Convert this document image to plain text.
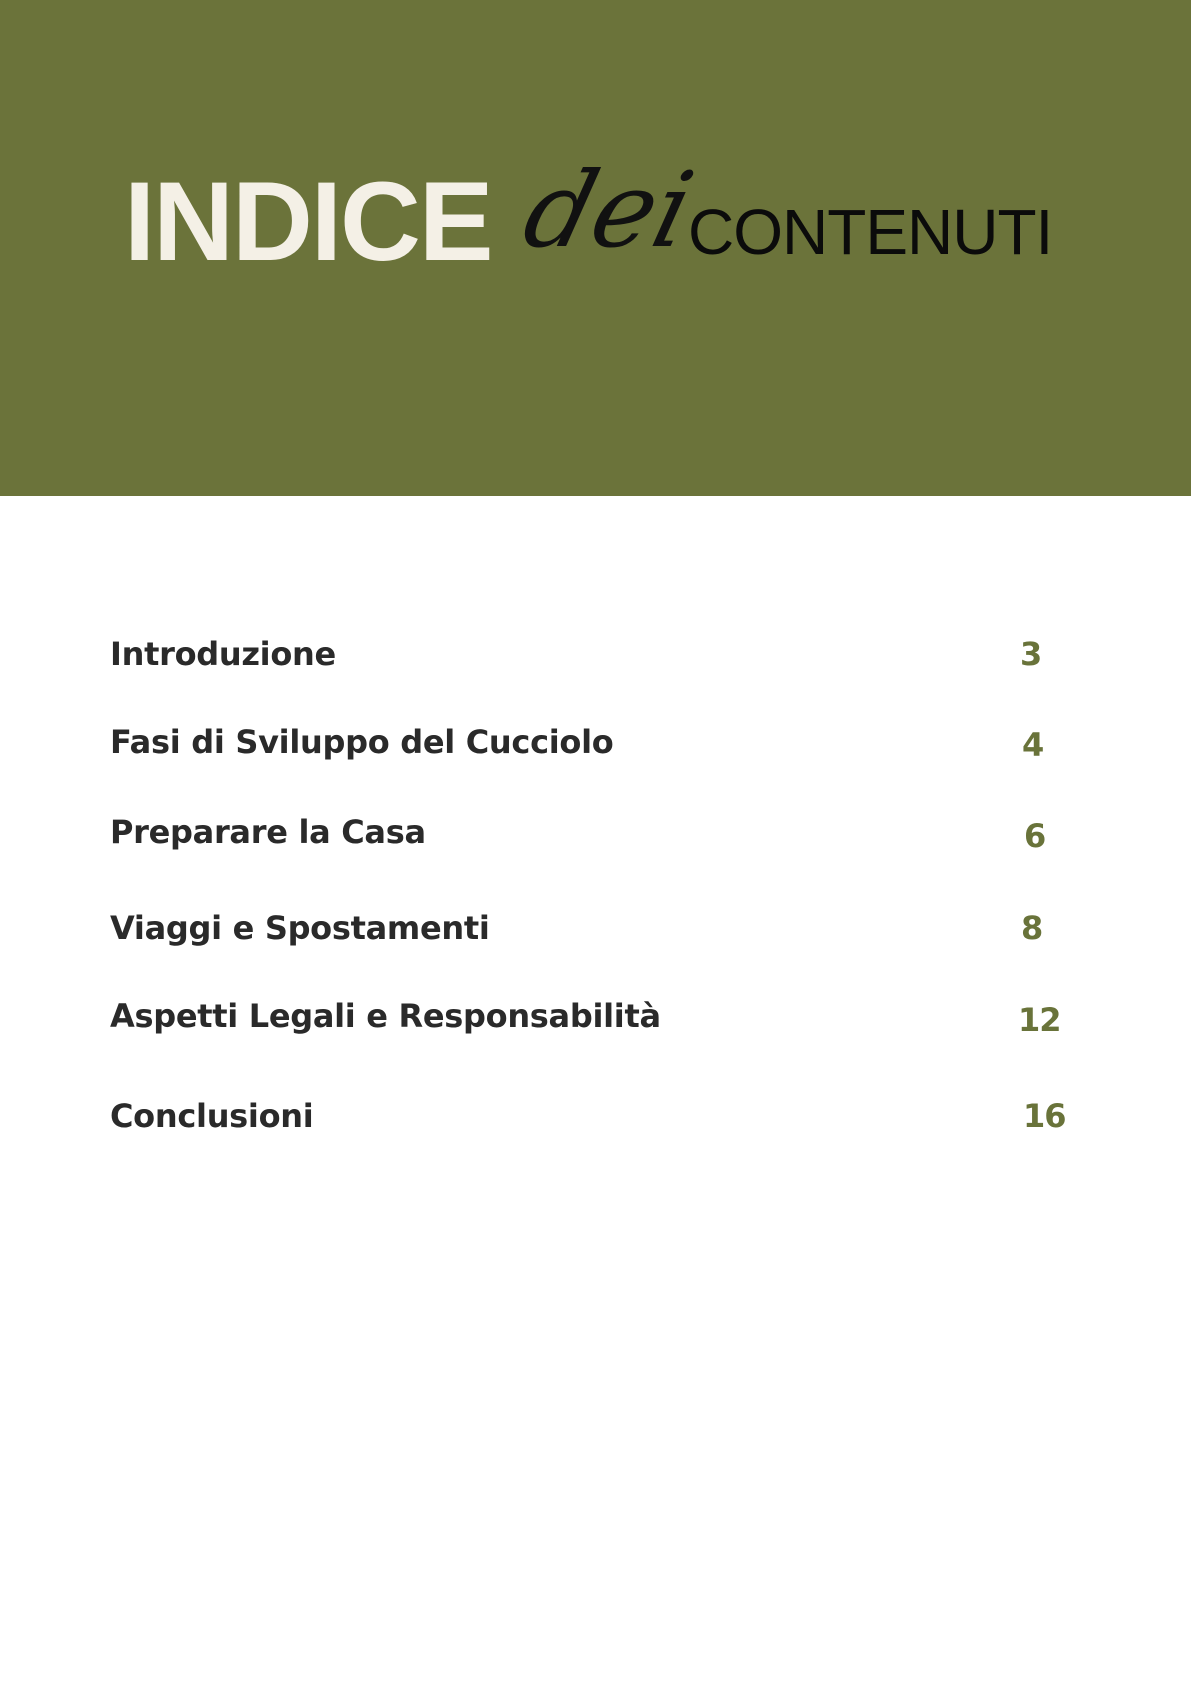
INDICE dei
CONTENUTI
Introduzione	3
Fasi di Sviluppo del Cucciolo	4
Preparare la Casa	6
Viaggi e Spostamenti	8
Aspetti Legali e Responsabilità	12
Conclusioni	16
